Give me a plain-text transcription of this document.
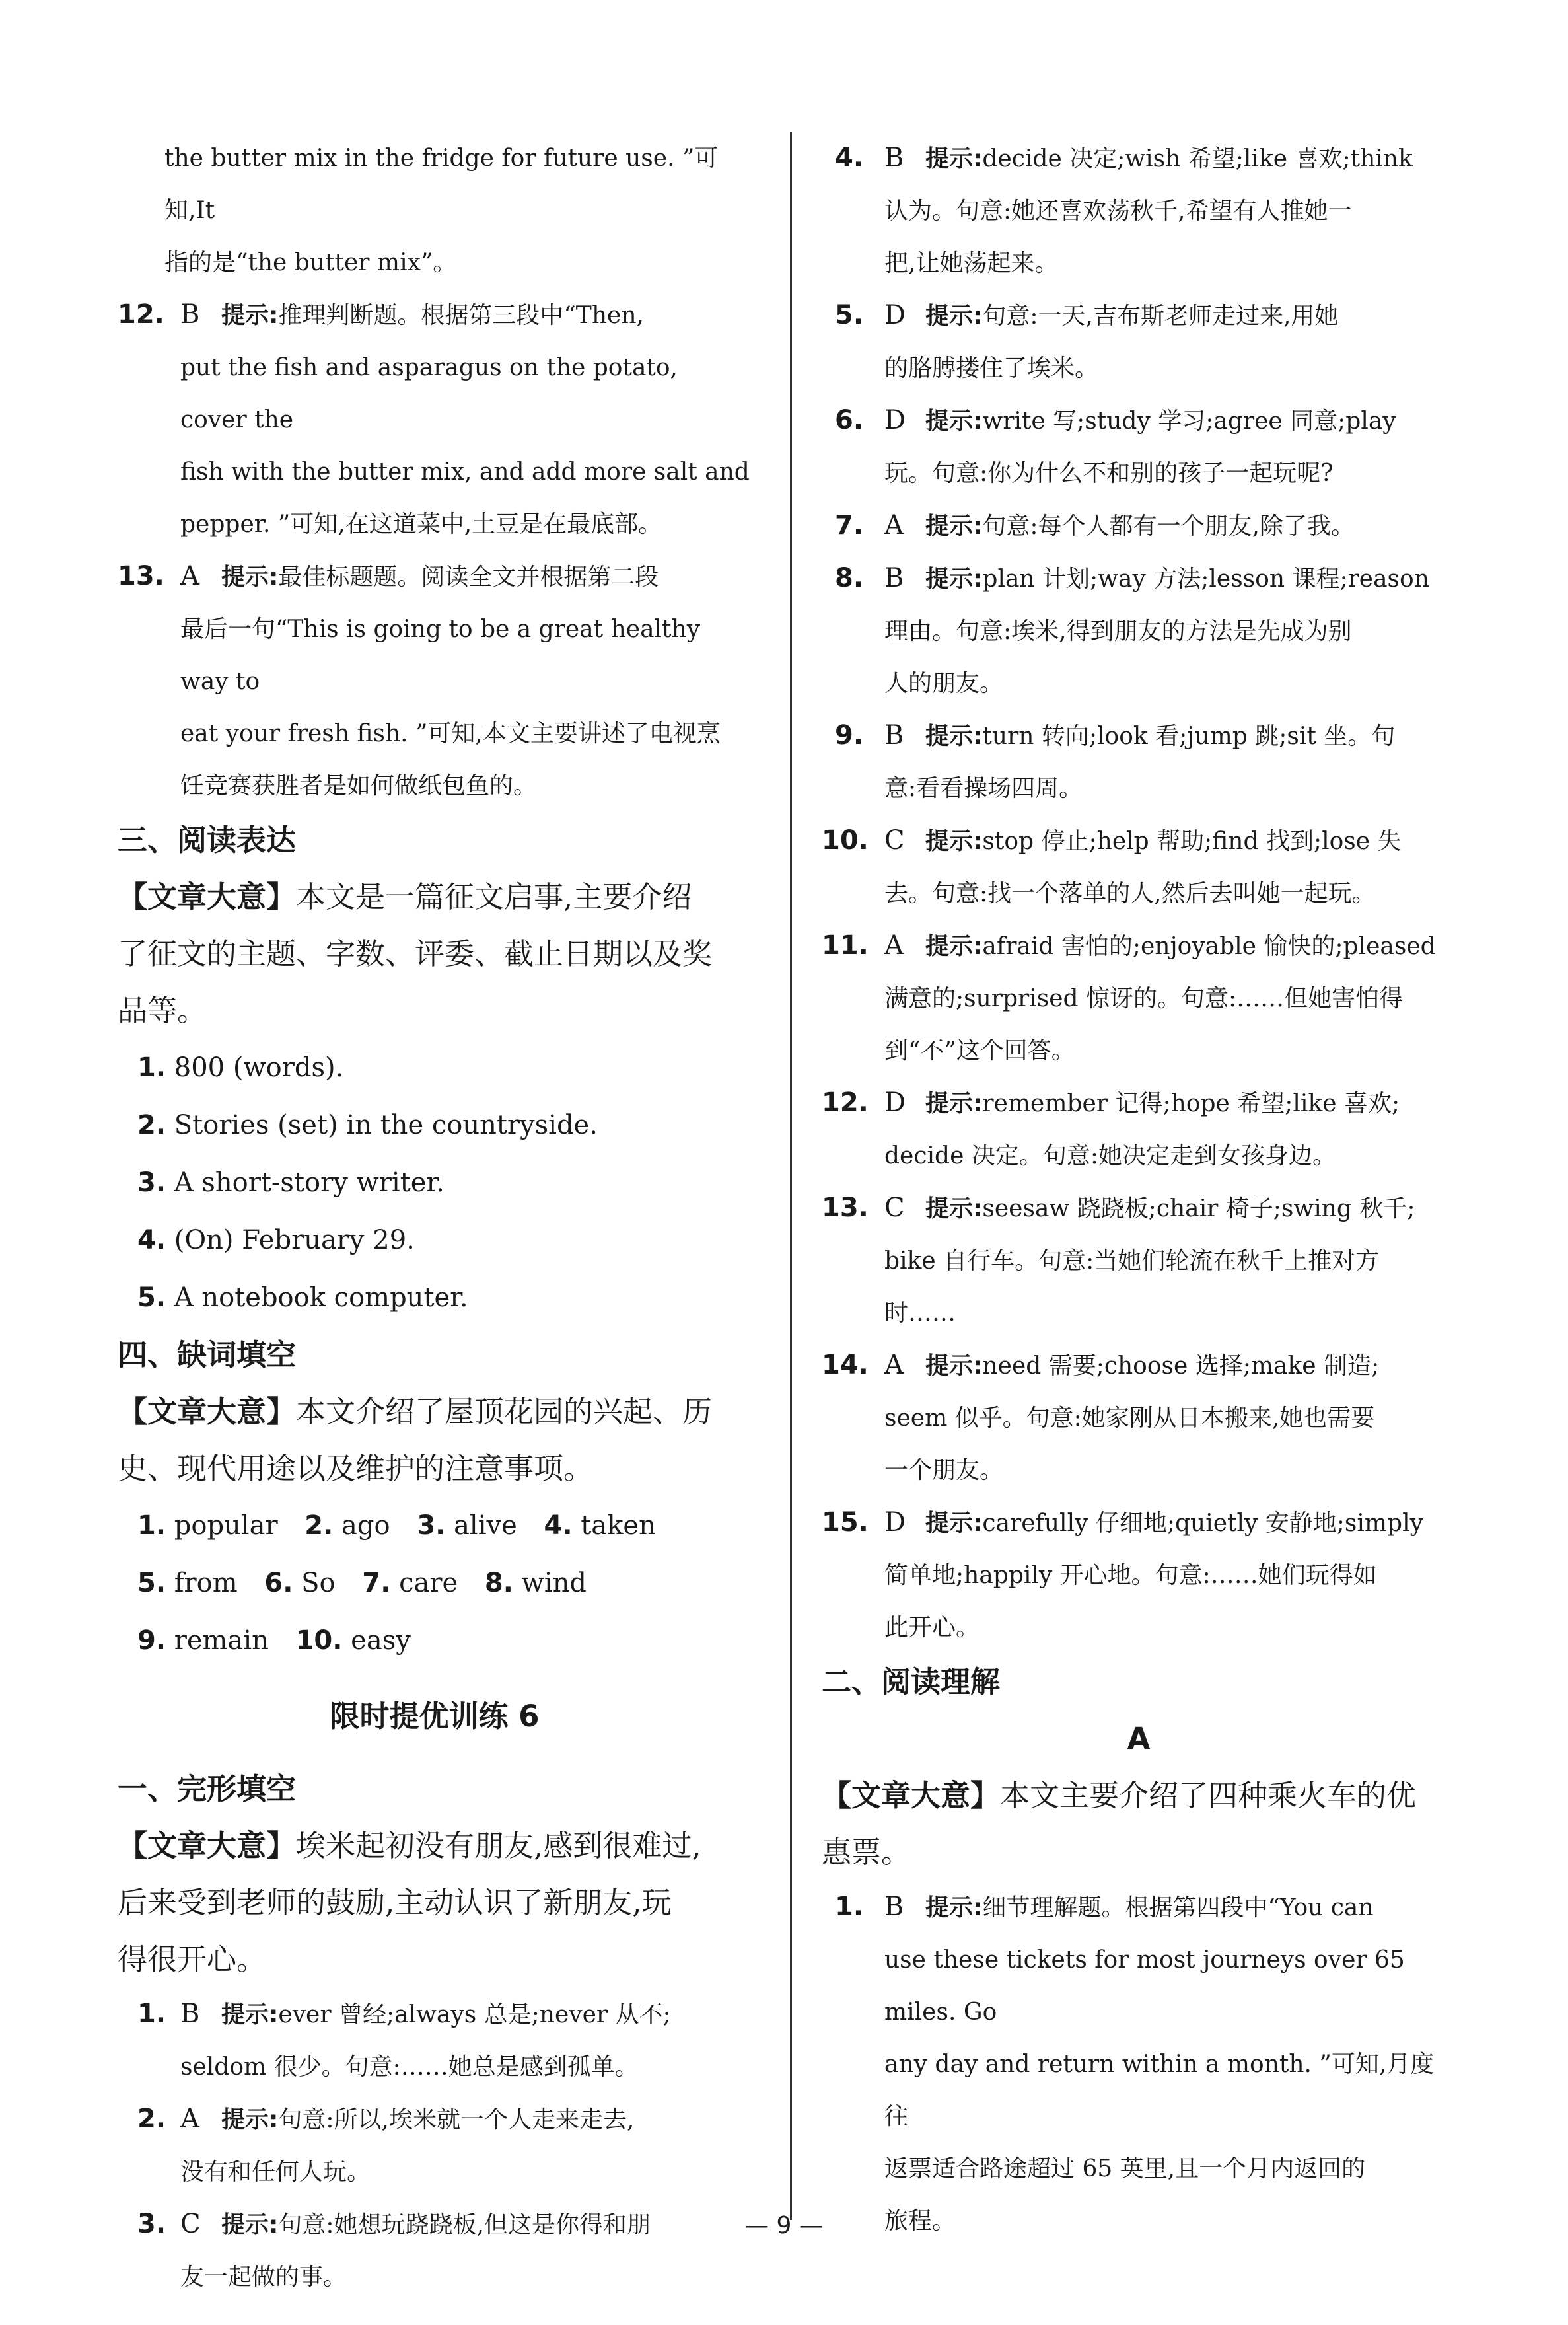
the butter mix in the fridge for future use. ”可知,It

指的是“the butter mix”。

12. B 提示:推理判断题。根据第三段中“Then,
put the fish and asparagus on the potato, cover the
fish with the butter mix, and add more salt and
pepper. ”可知,在这道菜中,土豆是在最底部。
13. A 提示:最佳标题题。阅读全文并根据第二段
最后一句“This is going to be a great healthy way to
eat your fresh fish. ”可知,本文主要讲述了电视烹
饪竞赛获胜者是如何做纸包鱼的。

三、阅读表达

【文章大意】本文是一篇征文启事,主要介绍

了征文的主题、字数、评委、截止日期以及奖

品等。

1. 800 (words).

2. Stories (set) in the countryside.

3. A short-story writer.

4. (On) February 29.

5. A notebook computer.

四、缺词填空

【文章大意】本文介绍了屋顶花园的兴起、历

史、现代用途以及维护的注意事项。

1. popular 2. ago 3. alive 4. taken

5. from 6. So 7. care 8. wind

9. remain 10. easy

限时提优训练 6

一、完形填空

【文章大意】埃米起初没有朋友,感到很难过,

后来受到老师的鼓励,主动认识了新朋友,玩

得很开心。

1. B 提示:ever 曾经;always 总是;never 从不;
seldom 很少。句意:……她总是感到孤单。
2. A 提示:句意:所以,埃米就一个人走来走去,
没有和任何人玩。
3. C 提示:句意:她想玩跷跷板,但这是你得和朋
友一起做的事。
4. B 提示:decide 决定;wish 希望;like 喜欢;think
认为。句意:她还喜欢荡秋千,希望有人推她一
把,让她荡起来。
5. D 提示:句意:一天,吉布斯老师走过来,用她
的胳膊搂住了埃米。
6. D 提示:write 写;study 学习;agree 同意;play
玩。句意:你为什么不和别的孩子一起玩呢?
7. A 提示:句意:每个人都有一个朋友,除了我。
8. B 提示:plan 计划;way 方法;lesson 课程;reason
理由。句意:埃米,得到朋友的方法是先成为别
人的朋友。
9. B 提示:turn 转向;look 看;jump 跳;sit 坐。句
意:看看操场四周。
10. C 提示:stop 停止;help 帮助;find 找到;lose 失
去。句意:找一个落单的人,然后去叫她一起玩。
11. A 提示:afraid 害怕的;enjoyable 愉快的;pleased
满意的;surprised 惊讶的。句意:……但她害怕得
到“不”这个回答。
12. D 提示:remember 记得;hope 希望;like 喜欢;
decide 决定。句意:她决定走到女孩身边。
13. C 提示:seesaw 跷跷板;chair 椅子;swing 秋千;
bike 自行车。句意:当她们轮流在秋千上推对方
时……
14. A 提示:need 需要;choose 选择;make 制造;
seem 似乎。句意:她家刚从日本搬来,她也需要
一个朋友。
15. D 提示:carefully 仔细地;quietly 安静地;simply
简单地;happily 开心地。句意:……她们玩得如
此开心。

二、阅读理解

A

【文章大意】本文主要介绍了四种乘火车的优

惠票。

1. B 提示:细节理解题。根据第四段中“You can
use these tickets for most journeys over 65 miles. Go
any day and return within a month. ”可知,月度往
返票适合路途超过 65 英里,且一个月内返回的
旅程。
— 9 —
